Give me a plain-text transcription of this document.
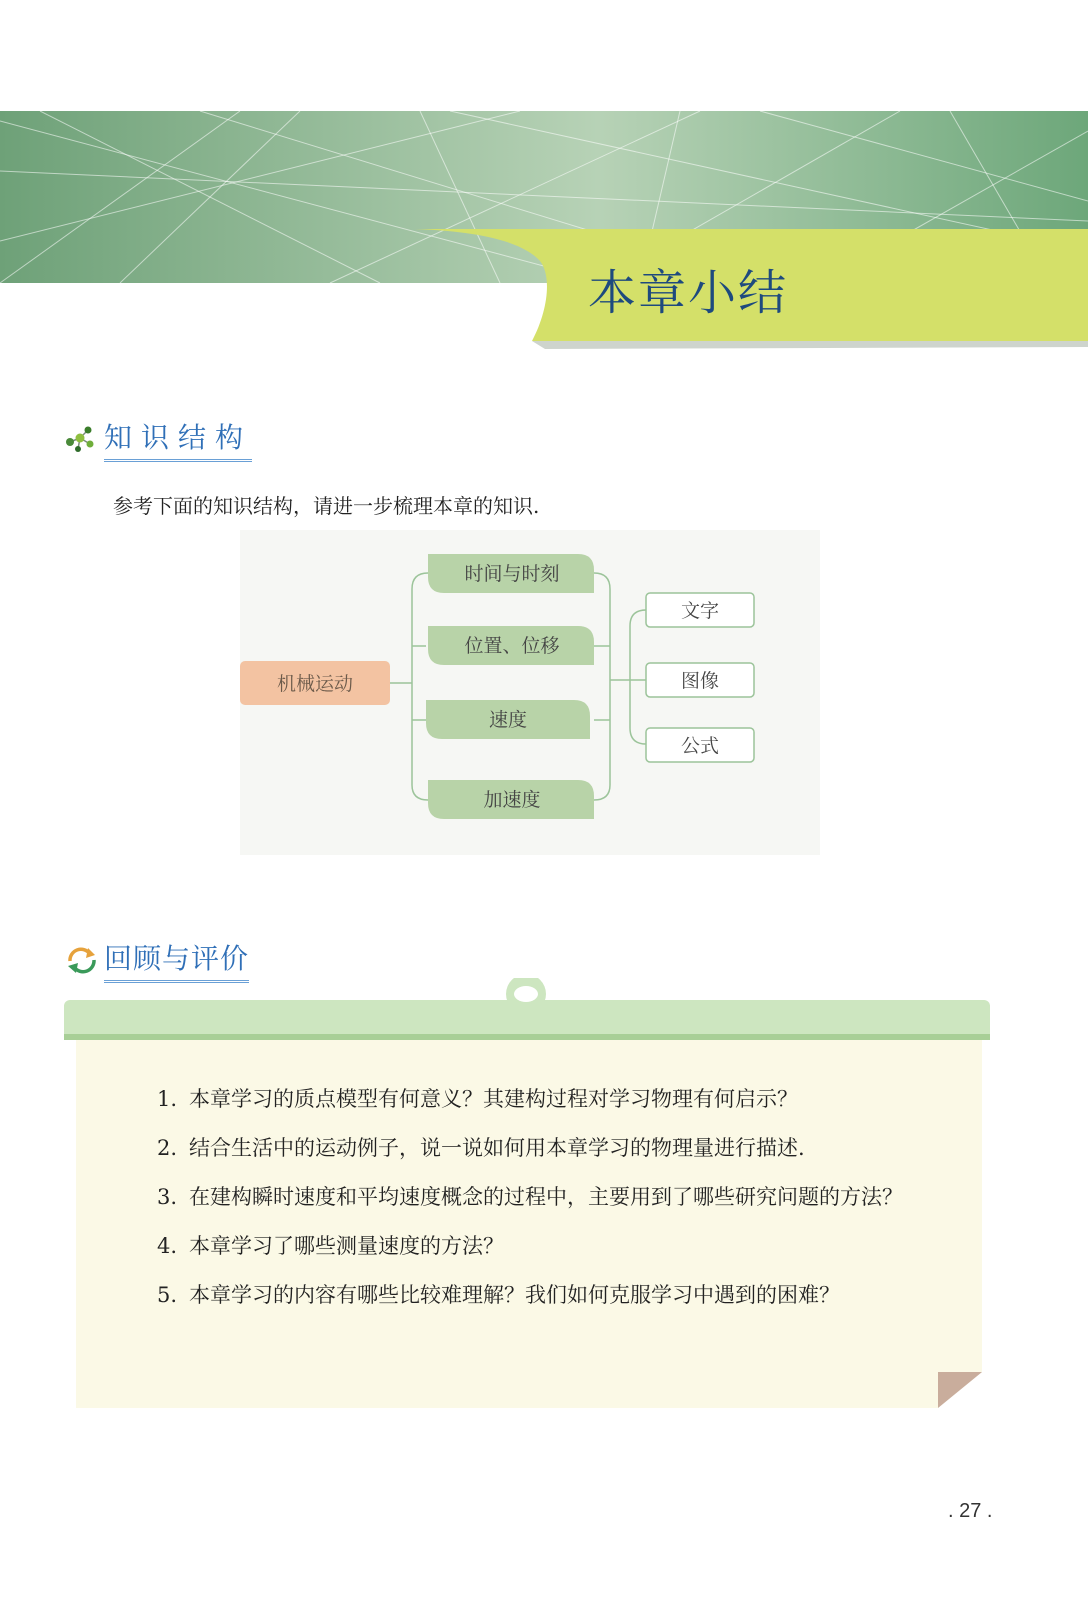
本章小结
知识结构
参考下面的知识结构，请进一步梳理本章的知识.
机械运动
时间与时刻
位置、位移
速度
加速度
文字
图像
公式
回顾与评价

1. 本章学习的质点模型有何意义？其建构过程对学习物理有何启示？

2. 结合生活中的运动例子，说一说如何用本章学习的物理量进行描述.

3. 在建构瞬时速度和平均速度概念的过程中，主要用到了哪些研究问题的方法？

4. 本章学习了哪些测量速度的方法？

5. 本章学习的内容有哪些比较难理解？我们如何克服学习中遇到的困难？

. 27 .
